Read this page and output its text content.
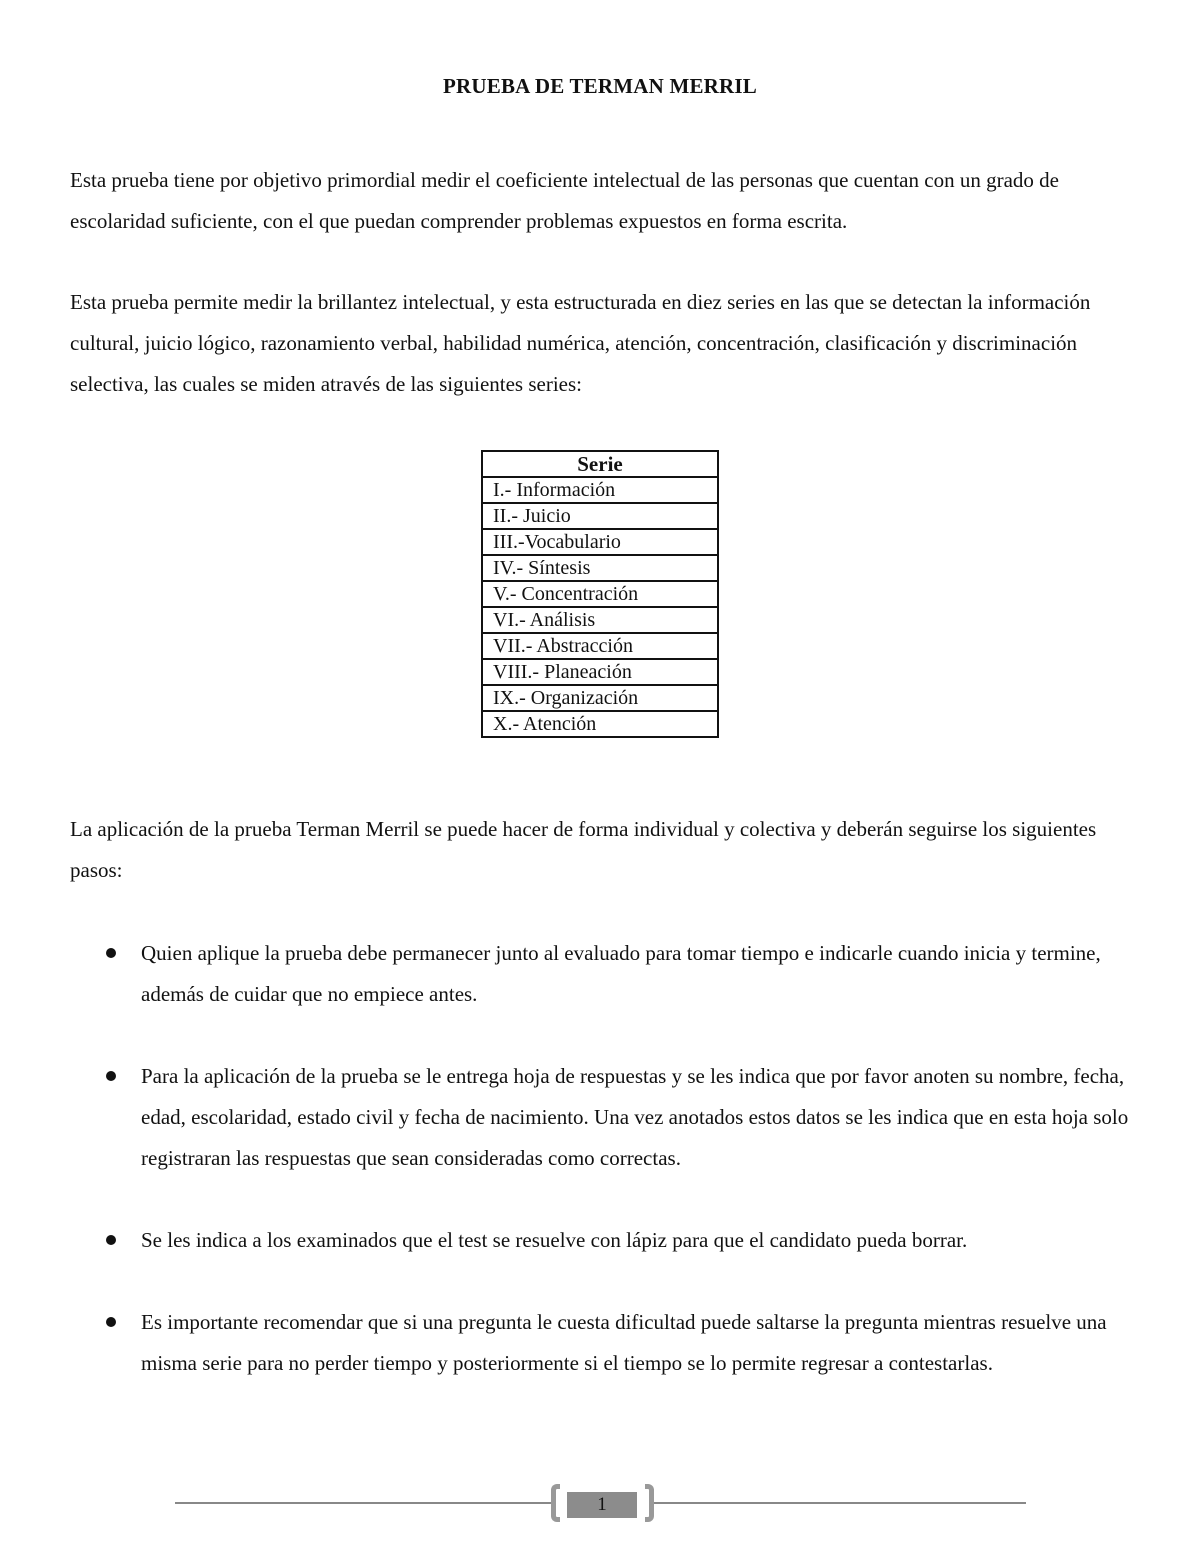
PRUEBA DE TERMAN MERRIL

Esta prueba tiene por objetivo primordial medir el coeficiente intelectual de las personas que cuentan con un grado de escolaridad suficiente, con el que puedan comprender problemas expuestos en forma escrita.

Esta prueba permite medir la brillantez intelectual, y esta estructurada en diez series en las que se detectan la información cultural, juicio lógico, razonamiento verbal, habilidad numérica, atención, concentración, clasificación y discriminación selectiva, las cuales se miden através de las siguientes series:

Serie
I.- Información
II.- Juicio
III.-Vocabulario
IV.- Síntesis
V.- Concentración
VI.- Análisis
VII.- Abstracción
VIII.- Planeación
IX.- Organización
X.- Atención

La aplicación de la prueba Terman Merril se puede hacer de forma individual y colectiva y deberán seguirse los siguientes pasos:

Quien aplique la prueba debe permanecer junto al evaluado para tomar tiempo e indicarle cuando inicia y termine, además de cuidar que no empiece antes.
Para la aplicación de la prueba se le entrega hoja de respuestas y se les indica que por favor anoten su nombre, fecha, edad, escolaridad, estado civil y fecha de nacimiento. Una vez anotados estos datos se les indica que en esta hoja solo registraran las respuestas que sean consideradas como correctas.
Se les indica a los examinados que el test se resuelve con lápiz para que el candidato pueda borrar.
Es importante recomendar que si una pregunta le cuesta dificultad puede saltarse la pregunta mientras resuelve una misma serie para no perder tiempo y posteriormente si el tiempo se lo permite regresar a contestarlas.
1
